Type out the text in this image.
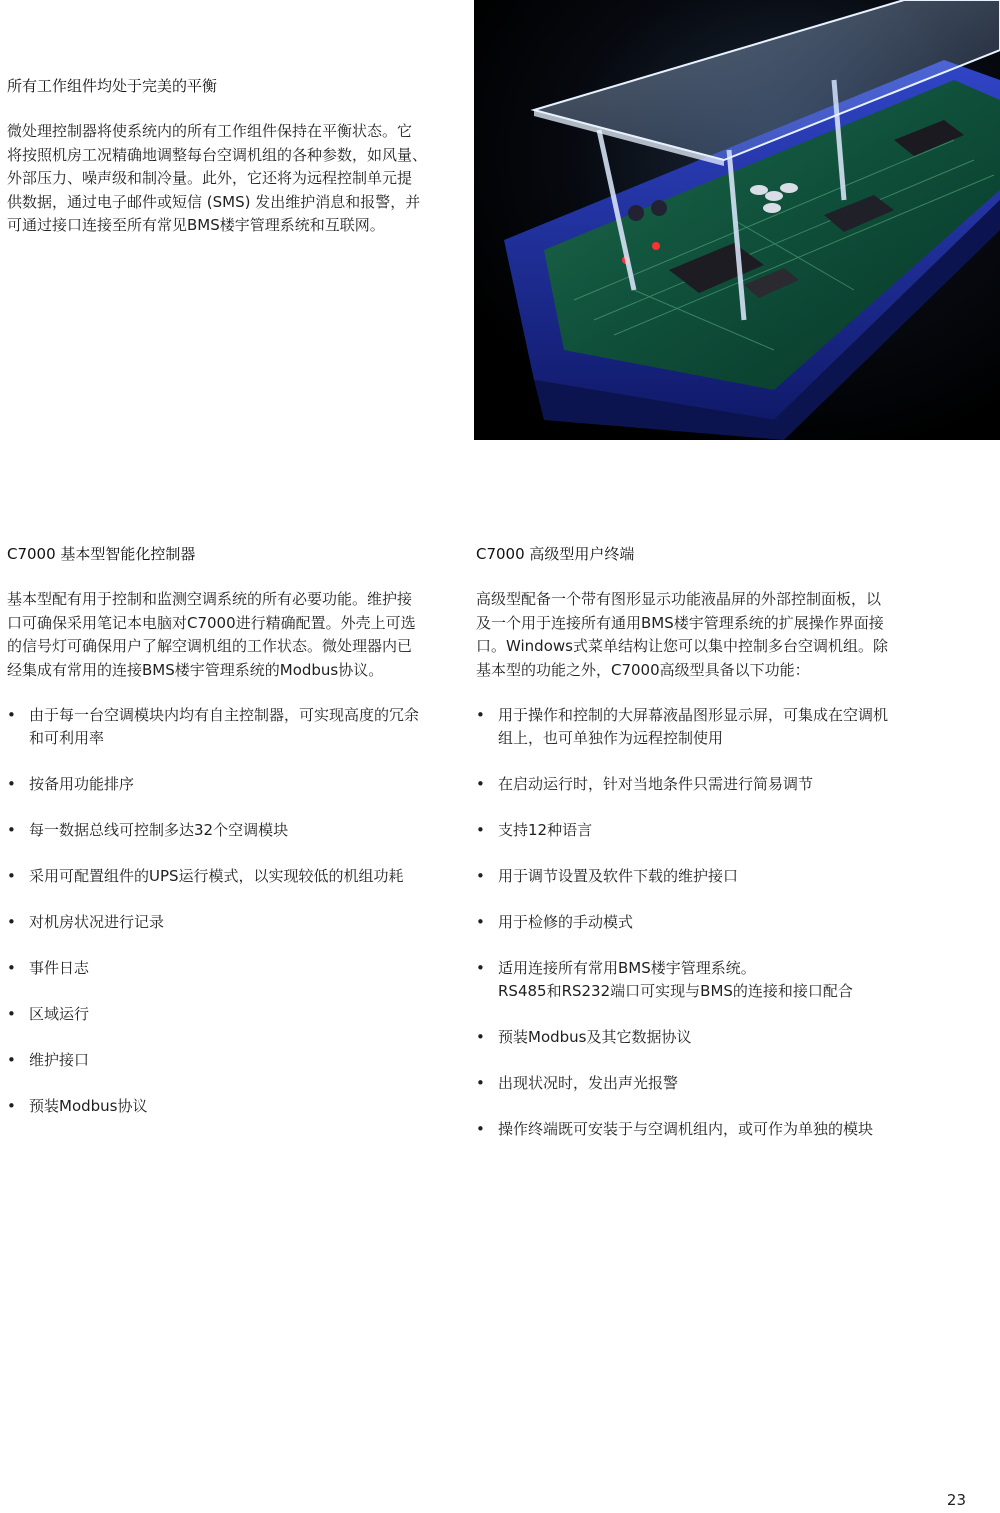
所有工作组件均处于完美的平衡
微处理控制器将使系统内的所有工作组件保持在平衡状态。它
将按照机房工况精确地调整每台空调机组的各种参数，如风量、
外部压力、噪声级和制冷量。此外，它还将为远程控制单元提
供数据，通过电子邮件或短信 (SMS) 发出维护消息和报警，并
可通过接口连接至所有常见BMS楼宇管理系统和互联网。
C7000 基本型智能化控制器
基本型配有用于控制和监测空调系统的所有必要功能。维护接
口可确保采用笔记本电脑对C7000进行精确配置。外壳上可选
的信号灯可确保用户了解空调机组的工作状态。微处理器内已
经集成有常用的连接BMS楼宇管理系统的Modbus协议。
• 由于每一台空调模块内均有自主控制器，可实现高度的冗余
和可利用率
• 按备用功能排序
• 每一数据总线可控制多达32个空调模块
• 采用可配置组件的UPS运行模式，以实现较低的机组功耗
• 对机房状况进行记录
• 事件日志
• 区域运行
• 维护接口
• 预装Modbus协议
C7000 高级型用户终端
高级型配备一个带有图形显示功能液晶屏的外部控制面板，以
及一个用于连接所有通用BMS楼宇管理系统的扩展操作界面接
口。Windows式菜单结构让您可以集中控制多台空调机组。除
基本型的功能之外，C7000高级型具备以下功能：
• 用于操作和控制的大屏幕液晶图形显示屏，可集成在空调机
组上，也可单独作为远程控制使用
• 在启动运行时，针对当地条件只需进行简易调节
• 支持12种语言
• 用于调节设置及软件下载的维护接口
• 用于检修的手动模式
• 适用连接所有常用BMS楼宇管理系统。
RS485和RS232端口可实现与BMS的连接和接口配合
• 预装Modbus及其它数据协议
• 出现状况时，发出声光报警
• 操作终端既可安装于与空调机组内，或可作为单独的模块
23
